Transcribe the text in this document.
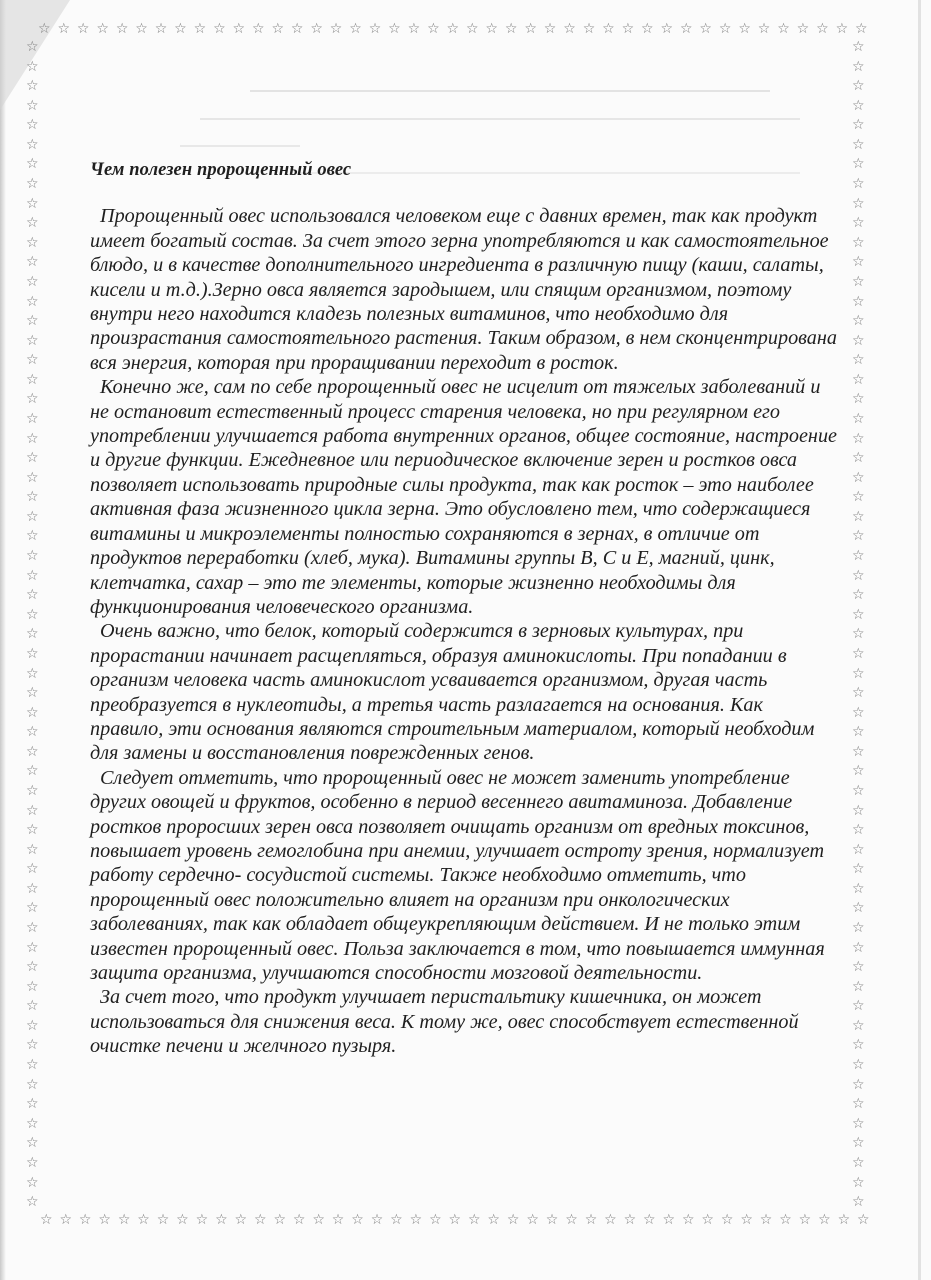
☆ ☆ ☆ ☆ ☆ ☆ ☆ ☆ ☆ ☆ ☆ ☆ ☆ ☆ ☆ ☆ ☆ ☆ ☆ ☆ ☆ ☆ ☆ ☆ ☆ ☆ ☆ ☆ ☆ ☆ ☆ ☆ ☆ ☆ ☆ ☆ ☆ ☆ ☆ ☆ ☆ ☆ ☆
☆ ☆ ☆ ☆ ☆ ☆ ☆ ☆ ☆ ☆ ☆ ☆ ☆ ☆ ☆ ☆ ☆ ☆ ☆ ☆ ☆ ☆ ☆ ☆ ☆ ☆ ☆ ☆ ☆ ☆ ☆ ☆ ☆ ☆ ☆ ☆ ☆ ☆ ☆ ☆ ☆ ☆ ☆
☆
☆
☆
☆
☆
☆
☆
☆
☆
☆
☆
☆
☆
☆
☆
☆
☆
☆
☆
☆
☆
☆
☆
☆
☆
☆
☆
☆
☆
☆
☆
☆
☆
☆
☆
☆
☆
☆
☆
☆
☆
☆
☆
☆
☆
☆
☆
☆
☆
☆
☆
☆
☆
☆
☆
☆
☆
☆
☆
☆
☆
☆
☆
☆
☆
☆
☆
☆
☆
☆
☆
☆
☆
☆
☆
☆
☆
☆
☆
☆
☆
☆
☆
☆
☆
☆
☆
☆
☆
☆
☆
☆
☆
☆
☆
☆
☆
☆
☆
☆
☆
☆
☆
☆
☆
☆
☆
☆
☆
☆
☆
☆
☆
☆
☆
☆
☆
☆
☆
☆

Чем полезен пророщенный овес

Пророщенный овес использовался человеком еще с давних времен, так как продукт имеет богатый состав. За счет этого зерна употребляются и как самостоятельное блюдо, и в качестве дополнительного ингредиента в различную пищу (каши, салаты, кисели и т.д.).Зерно овса является зародышем, или спящим организмом, поэтому внутри него находится кладезь полезных витаминов, что необходимо для произрастания самостоятельного растения. Таким образом, в нем сконцентрирована вся энергия, которая при проращивании переходит в росток.

Конечно же, сам по себе пророщенный овес не исцелит от тяжелых заболеваний и не остановит естественный процесс старения человека, но при регулярном его употреблении улучшается работа внутренних органов, общее состояние, настроение и другие функции. Ежедневное или периодическое включение зерен и ростков овса позволяет использовать природные силы продукта, так как росток – это наиболее активная фаза жизненного цикла зерна. Это обусловлено тем, что содержащиеся витамины и микроэлементы полностью сохраняются в зернах, в отличие от продуктов переработки (хлеб, мука). Витамины группы В, С и Е, магний, цинк, клетчатка, сахар – это те элементы, которые жизненно необходимы для функционирования человеческого организма.

Очень важно, что белок, который содержится в зерновых культурах, при прорастании начинает расщепляться, образуя аминокислоты. При попадании в организм человека часть аминокислот усваивается организмом, другая часть преобразуется в нуклеотиды, а третья часть разлагается на основания. Как правило, эти основания являются строительным материалом, который необходим для замены и восстановления поврежденных генов.

Следует отметить, что пророщенный овес не может заменить употребление других овощей и фруктов, особенно в период весеннего авитаминоза. Добавление ростков проросших зерен овса позволяет очищать организм от вредных токсинов, повышает уровень гемоглобина при анемии, улучшает остроту зрения, нормализует работу сердечно- сосудистой системы. Также необходимо отметить, что пророщенный овес положительно влияет на организм при онкологических заболеваниях, так как обладает общеукрепляющим действием. И не только этим известен пророщенный овес. Польза заключается в том, что повышается иммунная защита организма, улучшаются способности мозговой деятельности.

За счет того, что продукт улучшает перистальтику кишечника, он может использоваться для снижения веса. К тому же, овес способствует естественной очистке печени и желчного пузыря.
